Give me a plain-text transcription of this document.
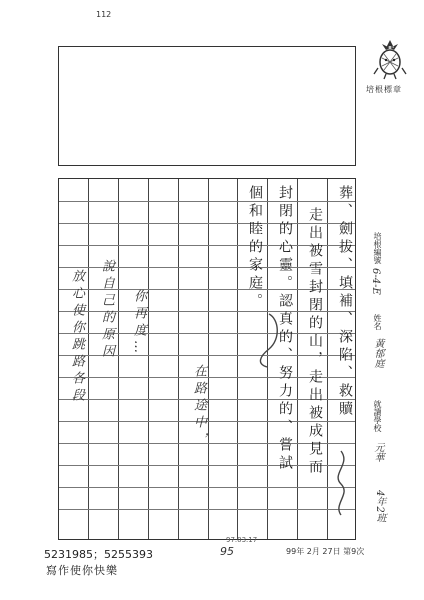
112
培根標章
葬、劍拔、填補、深陷、救贖
走出被雪封閉的山，走出被成見而
封閉的心靈。認真的、努力的、嘗試
個和睦的家庭。
在路途中，
你再度…
說自己的原因
放心使你跳路各段
培根編號
6-4-E
姓名
黃郁庭
就讀學校
元華
4年2班
97.03.17
95
5231985；5255393
寫作使你快樂
99年 2月 27日 第9次
